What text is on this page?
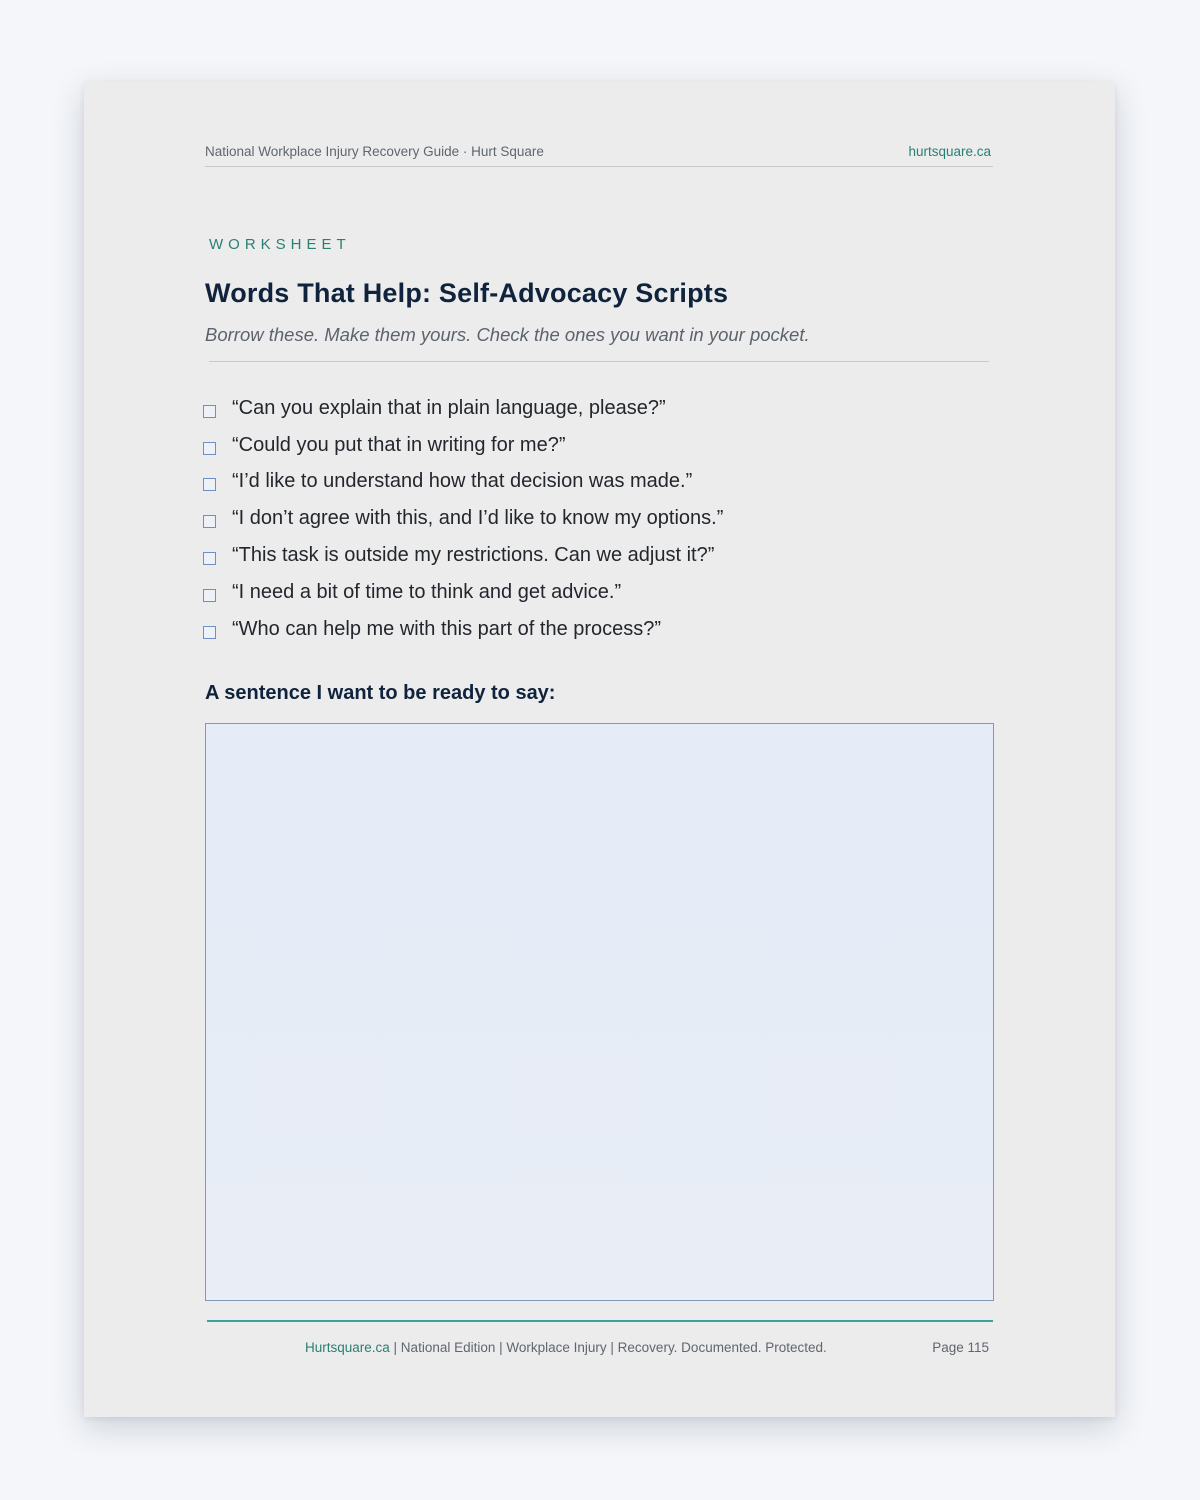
National Workplace Injury Recovery Guide · Hurt Square	hurtsquare.ca
WORKSHEET
Words That Help: Self-Advocacy Scripts

Borrow these. Make them yours. Check the ones you want in your pocket.

“Can you explain that in plain language, please?”
“Could you put that in writing for me?”
“I’d like to understand how that decision was made.”
“I don’t agree with this, and I’d like to know my options.”
“This task is outside my restrictions. Can we adjust it?”
“I need a bit of time to think and get advice.”
“Who can help me with this part of the process?”
A sentence I want to be ready to say:
Hurtsquare.ca | National Edition | Workplace Injury | Recovery. Documented. Protected.	Page 115
